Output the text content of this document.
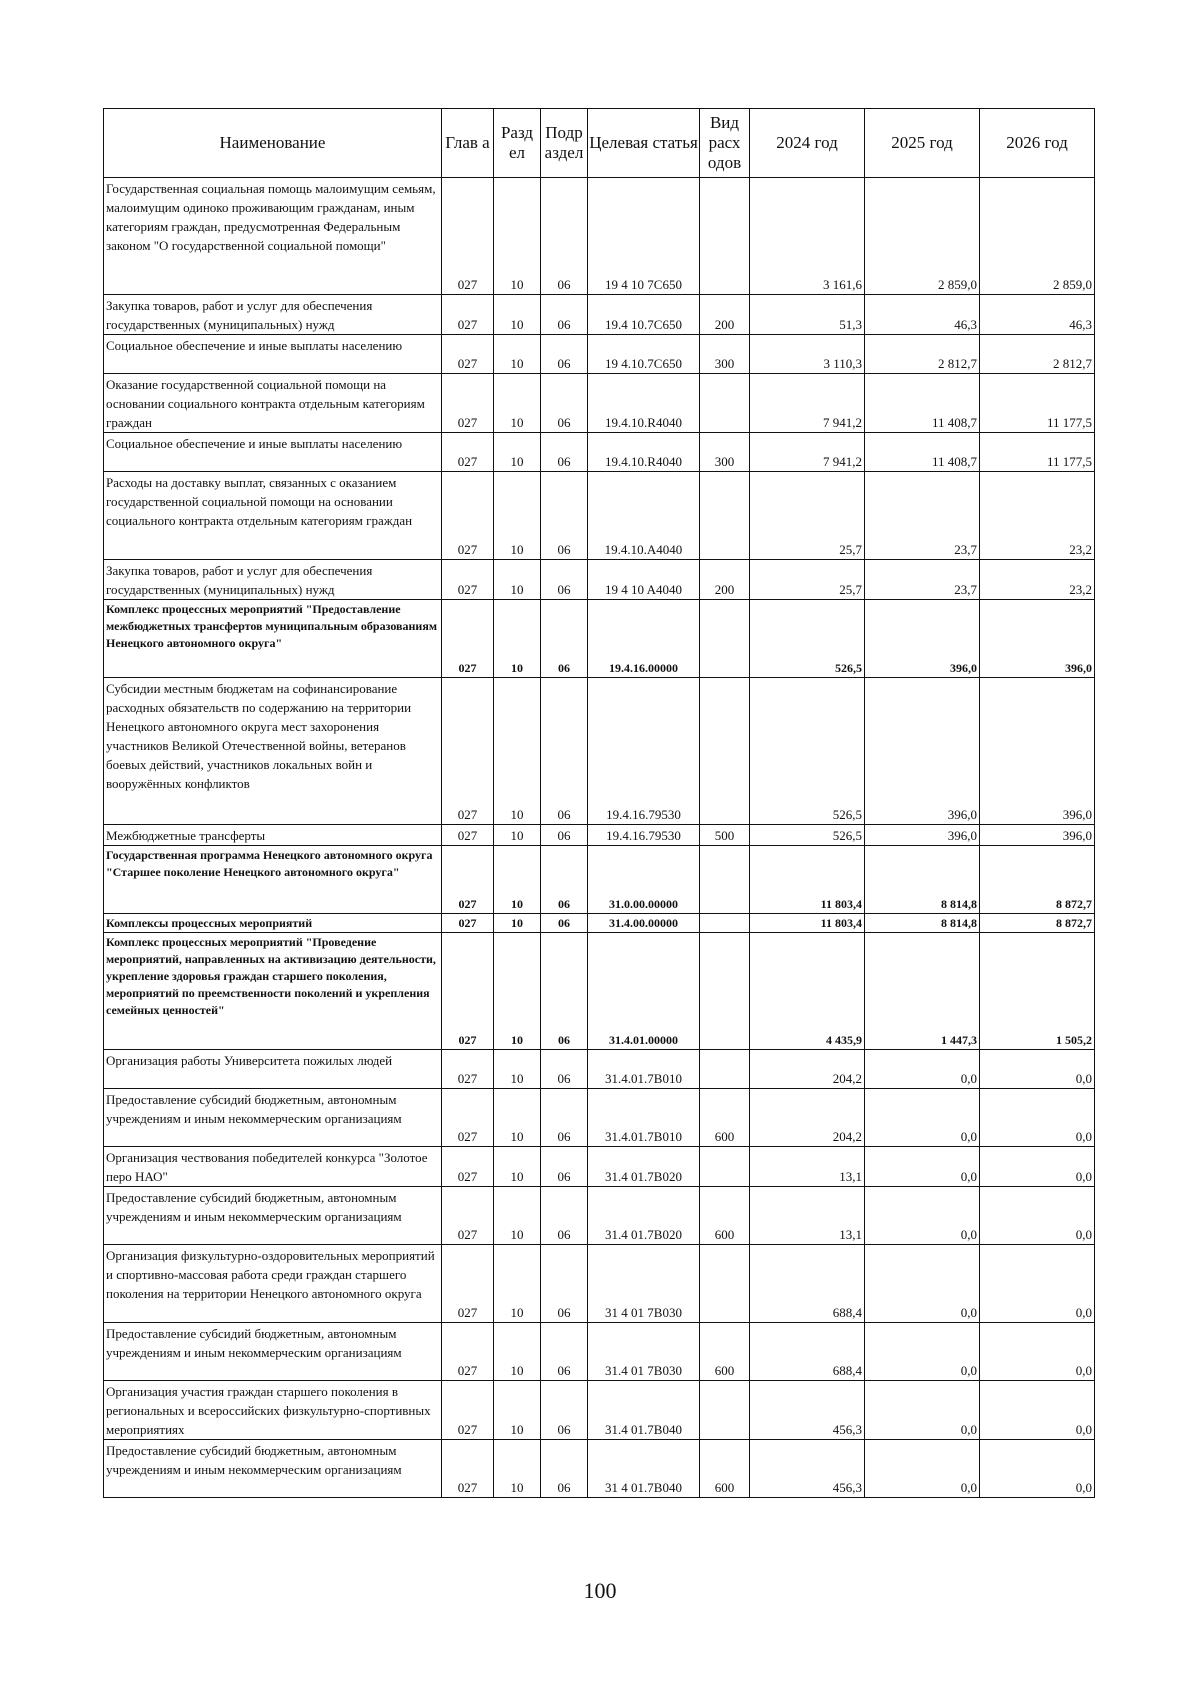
Наименование	Глав а	Разд ел	Подр аздел	Целевая статья	Вид расх одов	2024 год	2025 год	2026 год
Государственная социальная помощь малоимущим семьям, малоимущим одиноко проживающим гражданам, иным категориям граждан, предусмотренная Федеральным законом "О государственной социальной помощи"	027	10	06	19 4 10 7С650		3 161,6	2 859,0	2 859,0
Закупка товаров, работ и услуг для обеспечения государственных (муниципальных) нужд	027	10	06	19.4 10.7С650	200	51,3	46,3	46,3
Социальное обеспечение и иные выплаты населению	027	10	06	19 4.10.7С650	300	3 110,3	2 812,7	2 812,7
Оказание государственной социальной помощи на основании социального контракта отдельным категориям граждан	027	10	06	19.4.10.R4040		7 941,2	11 408,7	11 177,5
Социальное обеспечение и иные выплаты населению	027	10	06	19.4.10.R4040	300	7 941,2	11 408,7	11 177,5
Расходы на доставку выплат, связанных с оказанием государственной социальной помощи на основании социального контракта отдельным категориям граждан	027	10	06	19.4.10.A4040		25,7	23,7	23,2
Закупка товаров, работ и услуг для обеспечения государственных (муниципальных) нужд	027	10	06	19 4 10 A4040	200	25,7	23,7	23,2
Комплекс процессных мероприятий "Предоставление межбюджетных трансфертов муниципальным образованиям Ненецкого автономного округа"	027	10	06	19.4.16.00000		526,5	396,0	396,0
Субсидии местным бюджетам на софинансирование расходных обязательств по содержанию на территории Ненецкого автономного округа мест захоронения участников Великой Отечественной войны, ветеранов боевых действий, участников локальных войн и вооружённых конфликтов	027	10	06	19.4.16.79530		526,5	396,0	396,0
Межбюджетные трансферты	027	10	06	19.4.16.79530	500	526,5	396,0	396,0
Государственная программа Ненецкого автономного округа "Старшее поколение Ненецкого автономного округа"	027	10	06	31.0.00.00000		11 803,4	8 814,8	8 872,7
Комплексы процессных мероприятий	027	10	06	31.4.00.00000		11 803,4	8 814,8	8 872,7
Комплекс процессных мероприятий "Проведение мероприятий, направленных на активизацию деятельности, укрепление здоровья граждан старшего поколения, мероприятий по преемственности поколений и укрепления семейных ценностей"	027	10	06	31.4.01.00000		4 435,9	1 447,3	1 505,2
Организация работы Университета пожилых людей	027	10	06	31.4.01.7В010		204,2	0,0	0,0
Предоставление субсидий бюджетным, автономным учреждениям и иным некоммерческим организациям	027	10	06	31.4.01.7В010	600	204,2	0,0	0,0
Организация чествования победителей конкурса "Золотое перо НАО"	027	10	06	31.4 01.7В020		13,1	0,0	0,0
Предоставление субсидий бюджетным, автономным учреждениям и иным некоммерческим организациям	027	10	06	31.4 01.7В020	600	13,1	0,0	0,0
Организация физкультурно-оздоровительных мероприятий и спортивно-массовая работа среди граждан старшего поколения на территории Ненецкого автономного округа	027	10	06	31 4 01 7В030		688,4	0,0	0,0
Предоставление субсидий бюджетным, автономным учреждениям и иным некоммерческим организациям	027	10	06	31.4 01 7В030	600	688,4	0,0	0,0
Организация участия граждан старшего поколения в региональных и всероссийских физкультурно-спортивных мероприятиях	027	10	06	31.4 01.7В040		456,3	0,0	0,0
Предоставление субсидий бюджетным, автономным учреждениям и иным некоммерческим организациям	027	10	06	31 4 01.7В040	600	456,3	0,0	0,0
100
